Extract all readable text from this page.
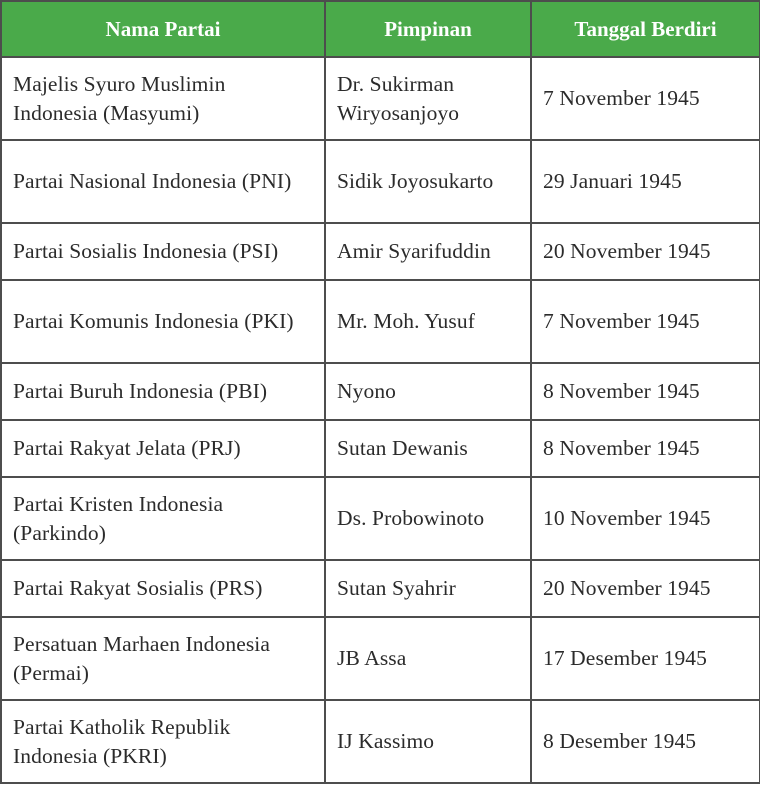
Nama Partai	Pimpinan	Tanggal Berdiri
Majelis Syuro Muslimin Indonesia (Masyumi)	Dr. Sukirman Wiryosanjoyo	7 November 1945
Partai Nasional Indonesia (PNI)	Sidik Joyosukarto	29 Januari 1945
Partai Sosialis Indonesia (PSI)	Amir Syarifuddin	20 November 1945
Partai Komunis Indonesia (PKI)	Mr. Moh. Yusuf	7 November 1945
Partai Buruh Indonesia (PBI)	Nyono	8 November 1945
Partai Rakyat Jelata (PRJ)	Sutan Dewanis	8 November 1945
Partai Kristen Indonesia (Parkindo)	Ds. Probowinoto	10 November 1945
Partai Rakyat Sosialis (PRS)	Sutan Syahrir	20 November 1945
Persatuan Marhaen Indonesia (Permai)	JB Assa	17 Desember 1945
Partai Katholik Republik Indonesia (PKRI)	IJ Kassimo	8 Desember 1945
